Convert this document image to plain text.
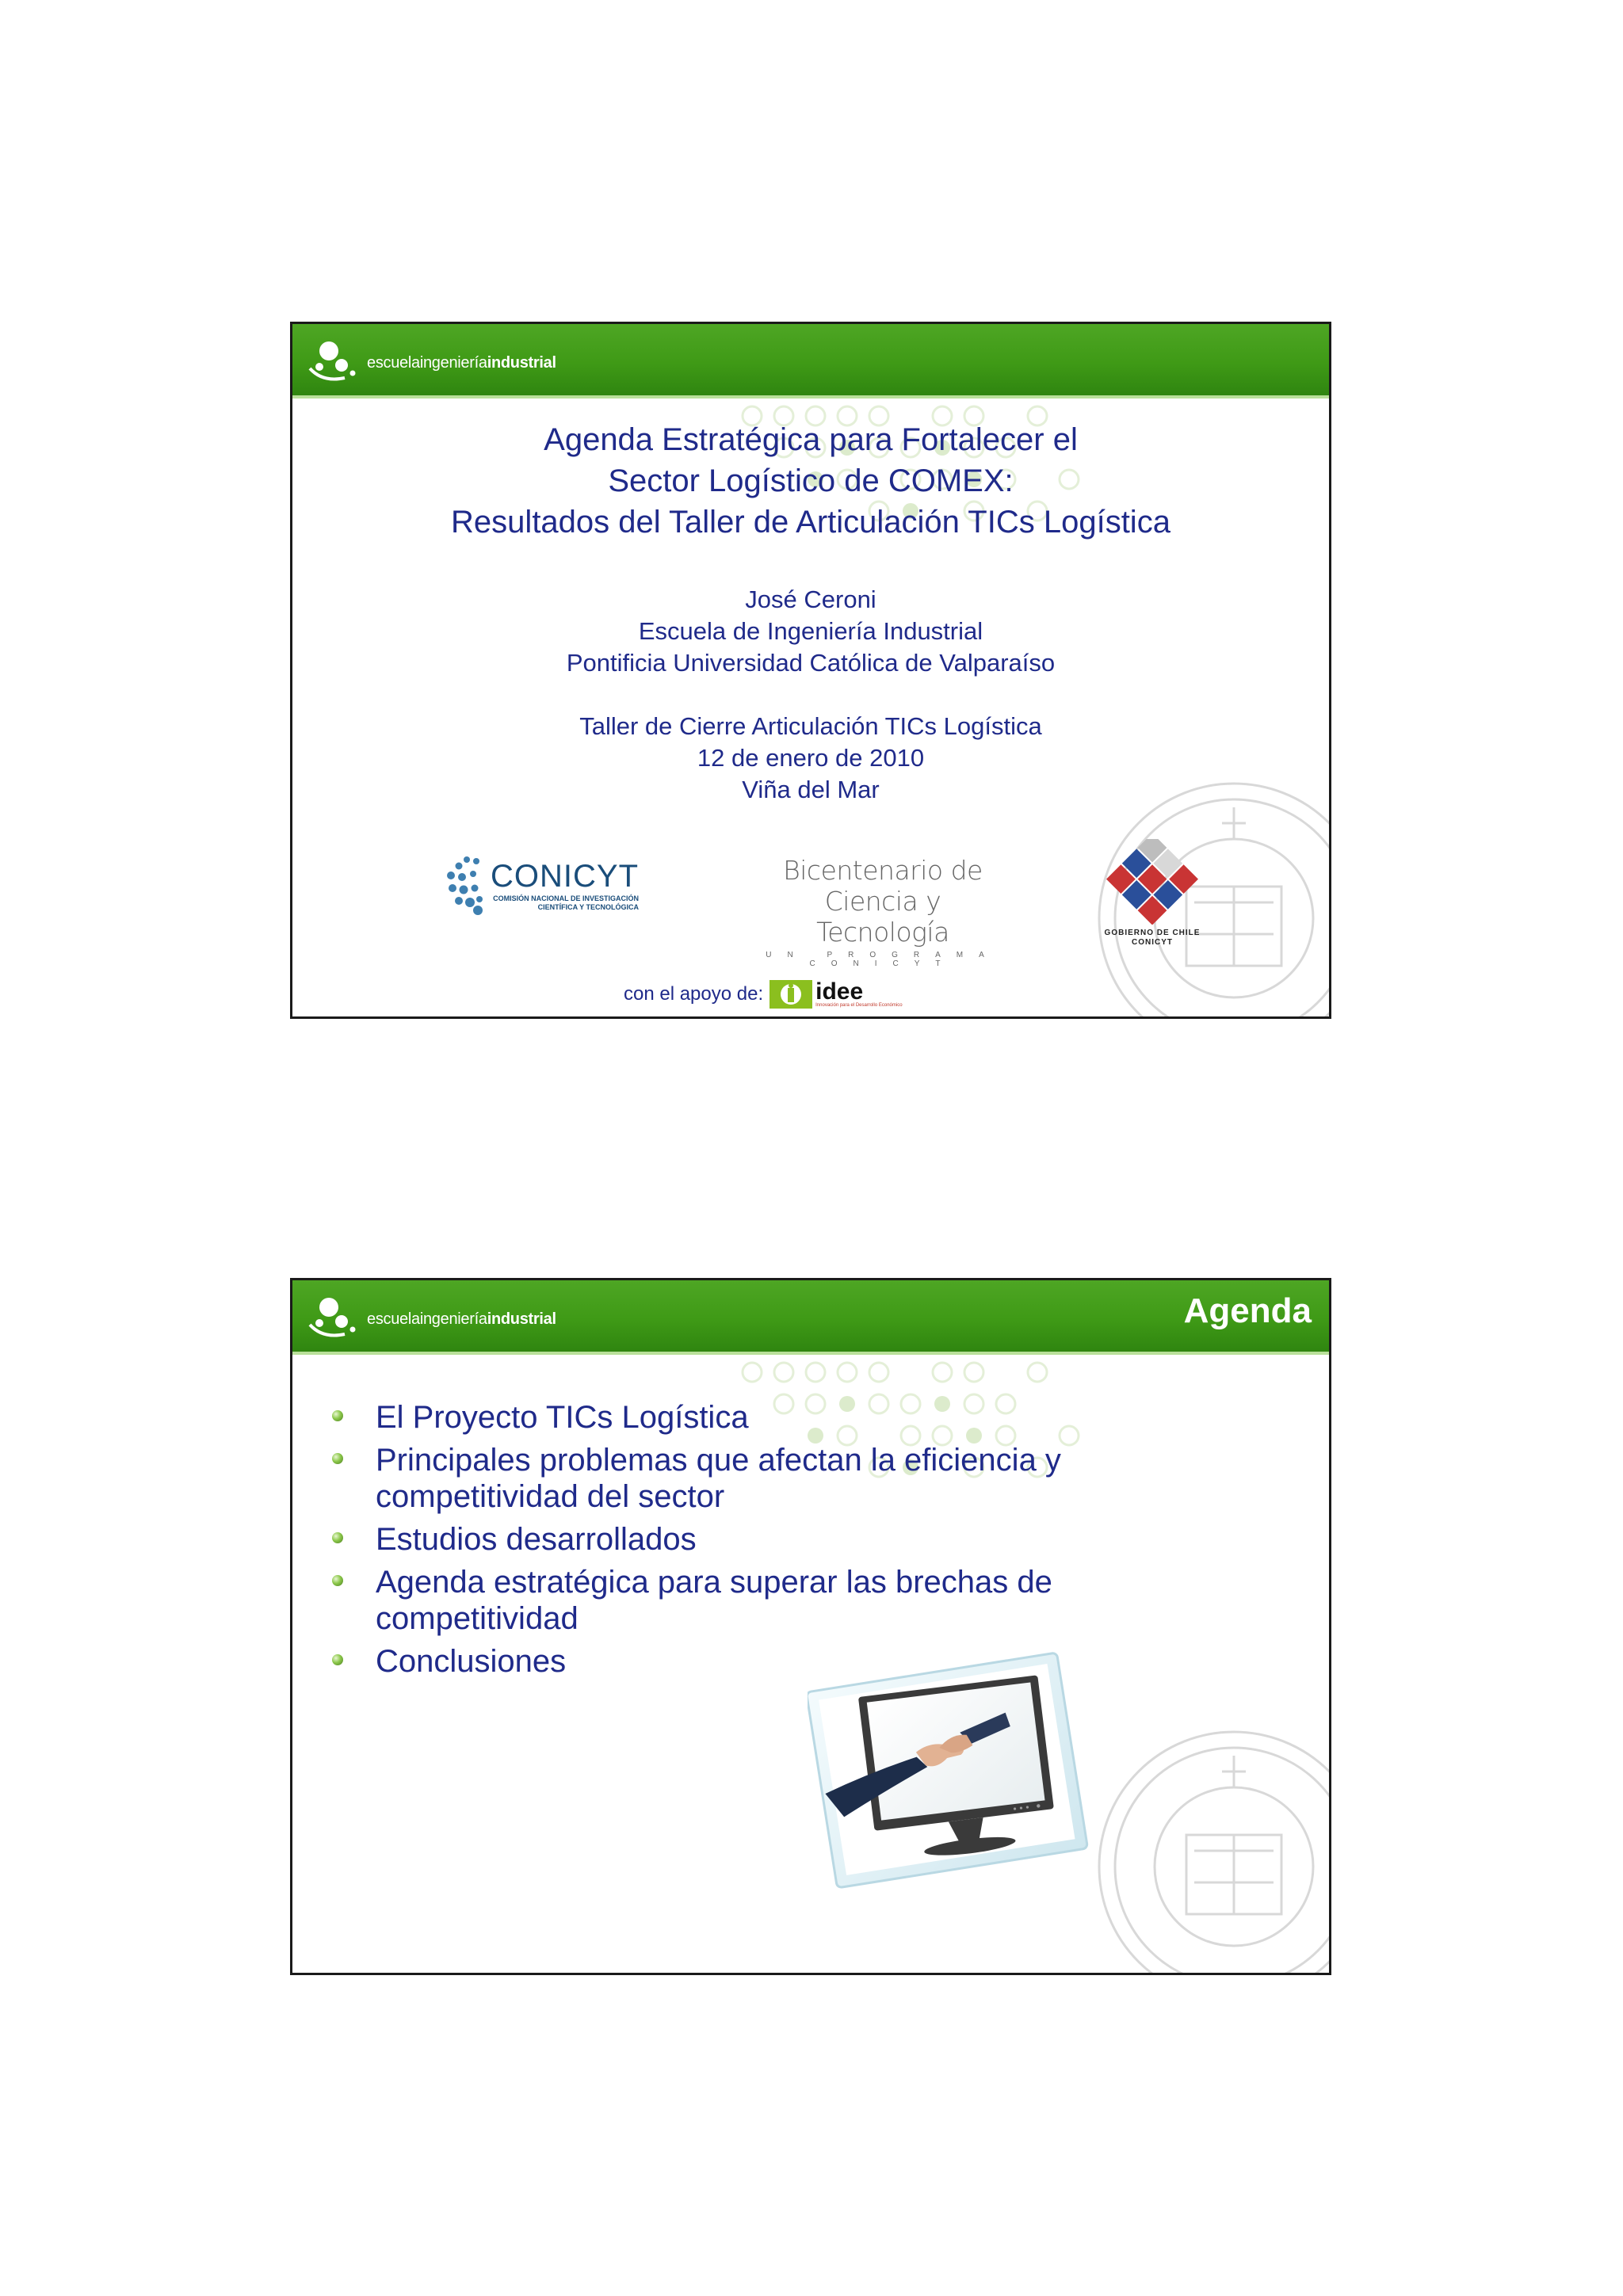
escuelaingenieríaindustrial
Agenda Estratégica para Fortalecer el
Sector Logístico de COMEX:
Resultados del Taller de Articulación TICs Logística
José Ceroni
Escuela de Ingeniería Industrial
Pontificia Universidad Católica de Valparaíso
Taller de Cierre Articulación TICs Logística
12 de enero de 2010
Viña del Mar
CONICYT
COMISIÓN NACIONAL DE INVESTIGACIÓN
CIENTÍFICA Y TECNOLÓGICA
Bicentenario de
Ciencia y Tecnología
UN PROGRAMA CONICYT
GOBIERNO DE CHILE
CONICYT
con el apoyo de: idee
Innovación para el Desarrollo Económico
escuelaingenieríaindustrial	Agenda
El Proyecto TICs Logística
Principales problemas que afectan la eficiencia y competitividad del sector
Estudios desarrollados
Agenda estratégica para superar las brechas de competitividad
Conclusiones
